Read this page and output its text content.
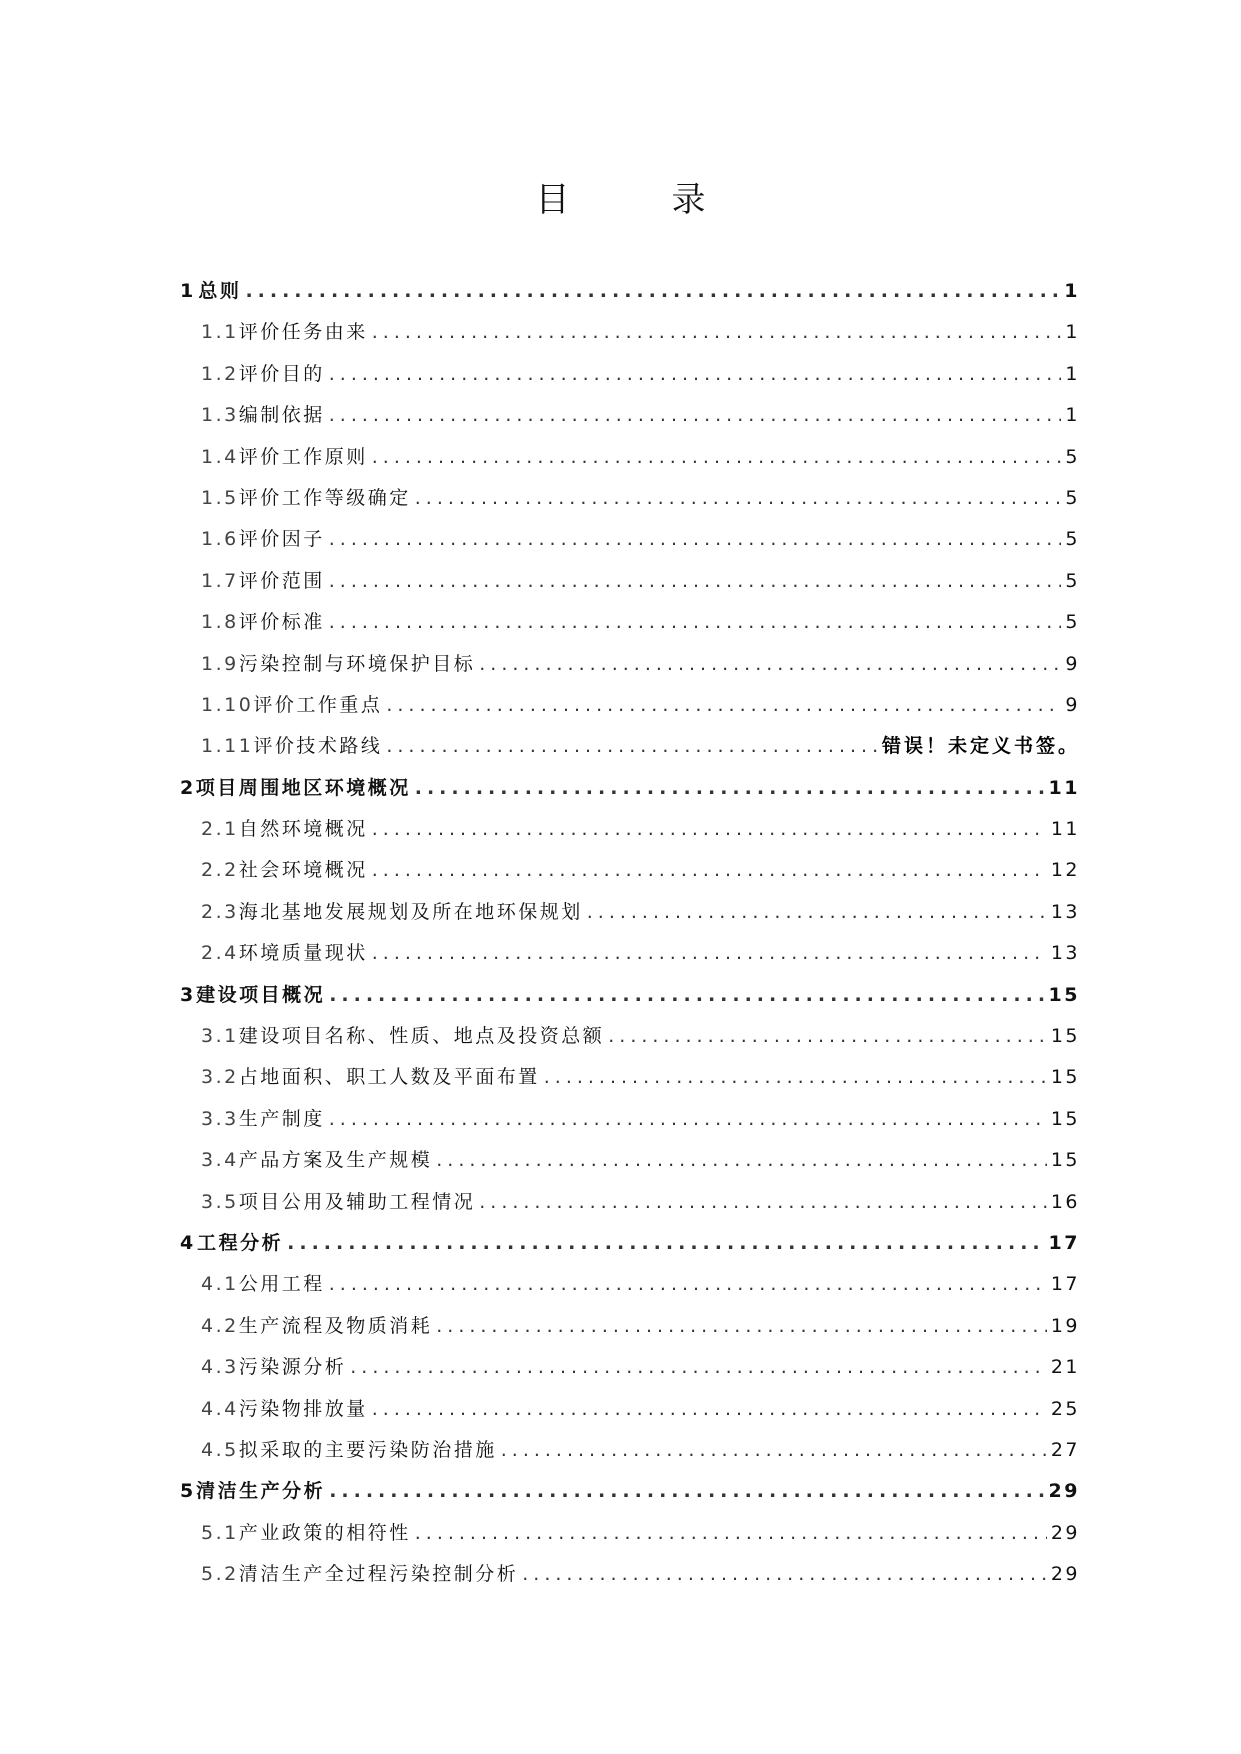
目　录
1 总则 .....	1
1.1 评价任务由来 .....	1
1.2 评价目的 .....	1
1.3 编制依据 .....	1
1.4 评价工作原则 .....	5
1.5 评价工作等级确定 .....	5
1.6 评价因子 .....	5
1.7 评价范围 .....	5
1.8 评价标准 .....	5
1.9 污染控制与环境保护目标 .....	9
1.10 评价工作重点 .....	9
1.11 评价技术路线 .....	错误！未定义书签。
2 项目周围地区环境概况 .....	11
2.1 自然环境概况 .....	11
2.2 社会环境概况 .....	12
2.3 海北基地发展规划及所在地环保规划 .....	13
2.4 环境质量现状 .....	13
3 建设项目概况 .....	15
3.1 建设项目名称、性质、地点及投资总额 .....	15
3.2 占地面积、职工人数及平面布置 .....	15
3.3 生产制度 .....	15
3.4 产品方案及生产规模 .....	15
3.5 项目公用及辅助工程情况 .....	16
4 工程分析 .....	17
4.1 公用工程 .....	17
4.2 生产流程及物质消耗 .....	19
4.3 污染源分析 .....	21
4.4 污染物排放量 .....	25
4.5 拟采取的主要污染防治措施 .....	27
5 清洁生产分析 .....	29
5.1 产业政策的相符性 .....	29
5.2 清洁生产全过程污染控制分析 .....	29
